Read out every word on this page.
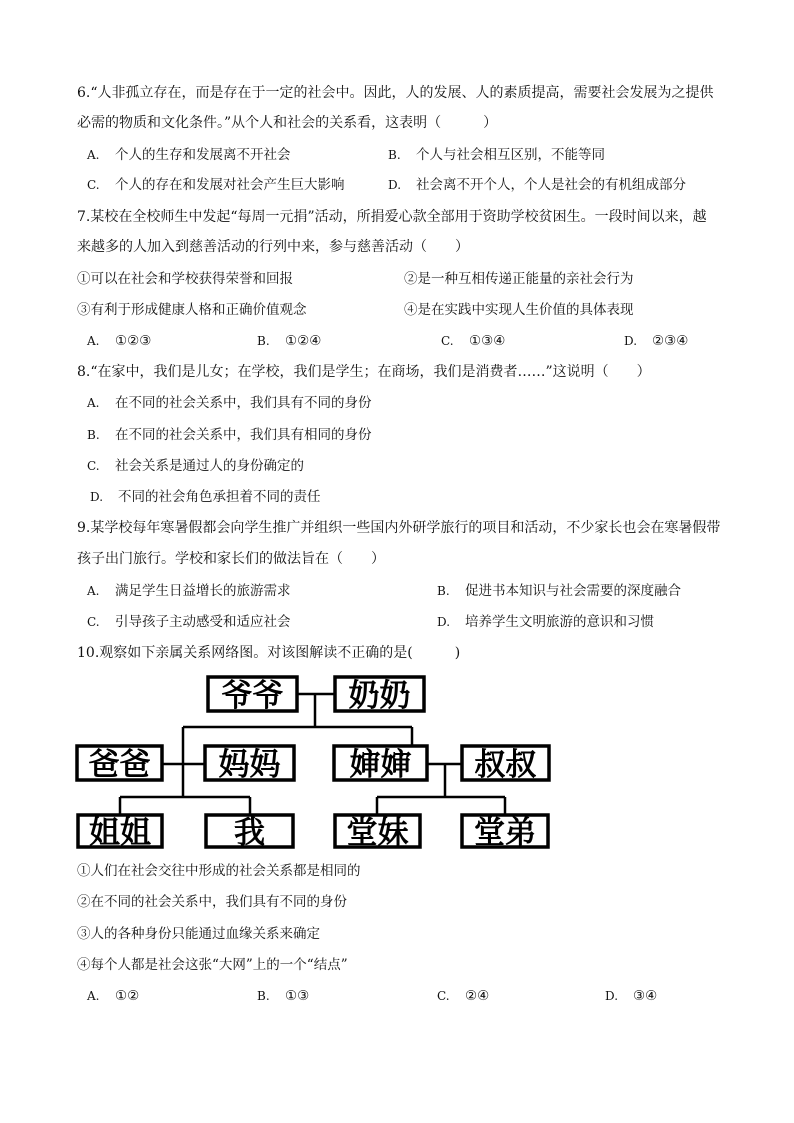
6.“人非孤立存在，而是存在于一定的社会中。因此，人的发展、人的素质提高，需要社会发展为之提供
必需的物质和文化条件。”从个人和社会的关系看，这表明（　　　）
A. 个人的生存和发展离不开社会	B. 个人与社会相互区别，不能等同
C. 个人的存在和发展对社会产生巨大影响	D. 社会离不开个人，个人是社会的有机组成部分
7.某校在全校师生中发起“每周一元捐”活动，所捐爱心款全部用于资助学校贫困生。一段时间以来，越
来越多的人加入到慈善活动的行列中来，参与慈善活动（　　）
①可以在社会和学校获得荣誉和回报	②是一种互相传递正能量的亲社会行为
③有利于形成健康人格和正确价值观念	④是在实践中实现人生价值的具体表现
A. ①②③	B. ①②④	C. ①③④	D. ②③④
8.“在家中，我们是儿女；在学校，我们是学生；在商场，我们是消费者……”这说明（　　）
A. 在不同的社会关系中，我们具有不同的身份
B. 在不同的社会关系中，我们具有相同的身份
C. 社会关系是通过人的身份确定的
D. 不同的社会角色承担着不同的责任
9.某学校每年寒暑假都会向学生推广并组织一些国内外研学旅行的项目和活动，不少家长也会在寒暑假带
孩子出门旅行。学校和家长们的做法旨在（　　）
A. 满足学生日益增长的旅游需求	B. 促进书本知识与社会需要的深度融合
C. 引导孩子主动感受和适应社会	D. 培养学生文明旅游的意识和习惯
10.观察如下亲属关系网络图。对该图解读不正确的是(　　　)
爷爷 奶奶
爸爸 妈妈 婶婶 叔叔
姐姐	我	堂妹 堂弟
①人们在社会交往中形成的社会关系都是相同的
②在不同的社会关系中，我们具有不同的身份
③人的各种身份只能通过血缘关系来确定
④每个人都是社会这张“大网”上的一个“结点”
A. ①②	B. ①③	C. ②④	D. ③④
